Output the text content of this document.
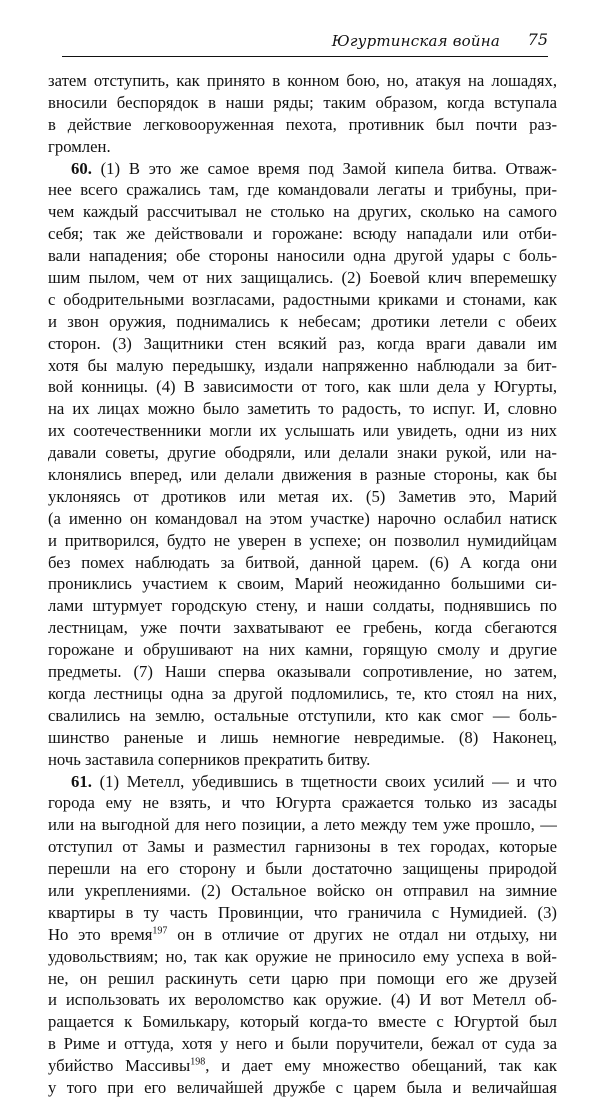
Югуртинская война 75
затем отступить, как принято в конном бою, но, атакуя на лошадях,
вносили беспорядок в наши ряды; таким образом, когда вступала
в действие легковооруженная пехота, противник был почти раз-
громлен.
60. (1) В это же самое время под Замой кипела битва. Отваж-
нее всего сражались там, где командовали легаты и трибуны, при-
чем каждый рассчитывал не столько на других, сколько на самого
себя; так же действовали и горожане: всюду нападали или отби-
вали нападения; обе стороны наносили одна другой удары с боль-
шим пылом, чем от них защищались. (2) Боевой клич вперемешку
с ободрительными возгласами, радостными криками и стонами, как
и звон оружия, поднимались к небесам; дротики летели с обеих
сторон. (3) Защитники стен всякий раз, когда враги давали им
хотя бы малую передышку, издали напряженно наблюдали за бит-
вой конницы. (4) В зависимости от того, как шли дела у Югурты,
на их лицах можно было заметить то радость, то испуг. И, словно
их соотечественники могли их услышать или увидеть, одни из них
давали советы, другие ободряли, или делали знаки рукой, или на-
клонялись вперед, или делали движения в разные стороны, как бы
уклоняясь от дротиков или метая их. (5) Заметив это, Марий
(а именно он командовал на этом участке) нарочно ослабил натиск
и притворился, будто не уверен в успехе; он позволил нумидийцам
без помех наблюдать за битвой, данной царем. (6) А когда они
прониклись участием к своим, Марий неожиданно большими си-
лами штурмует городскую стену, и наши солдаты, поднявшись по
лестницам, уже почти захватывают ее гребень, когда сбегаются
горожане и обрушивают на них камни, горящую смолу и другие
предметы. (7) Наши сперва оказывали сопротивление, но затем,
когда лестницы одна за другой подломились, те, кто стоял на них,
свалились на землю, остальные отступили, кто как смог — боль-
шинство раненые и лишь немногие невредимые. (8) Наконец,
ночь заставила соперников прекратить битву.
61. (1) Метелл, убедившись в тщетности своих усилий — и что
города ему не взять, и что Югурта сражается только из засады
или на выгодной для него позиции, а лето между тем уже прошло, —
отступил от Замы и разместил гарнизоны в тех городах, которые
перешли на его сторону и были достаточно защищены природой
или укреплениями. (2) Остальное войско он отправил на зимние
квартиры в ту часть Провинции, что граничила с Нумидией. (3)
Но это время$^{197}$ он в отличие от других не отдал ни отдыху, ни
удовольствиям; но, так как оружие не приносило ему успеха в вой-
не, он решил раскинуть сети царю при помощи его же друзей
и использовать их вероломство как оружие. (4) И вот Метелл об-
ращается к Бомилькару, который когда-то вместе с Югуртой был
в Риме и оттуда, хотя у него и были поручители, бежал от суда за
убийство Массивы$^{198}$, и дает ему множество обещаний, так как
у того при его величайшей дружбе с царем была и величайшая
